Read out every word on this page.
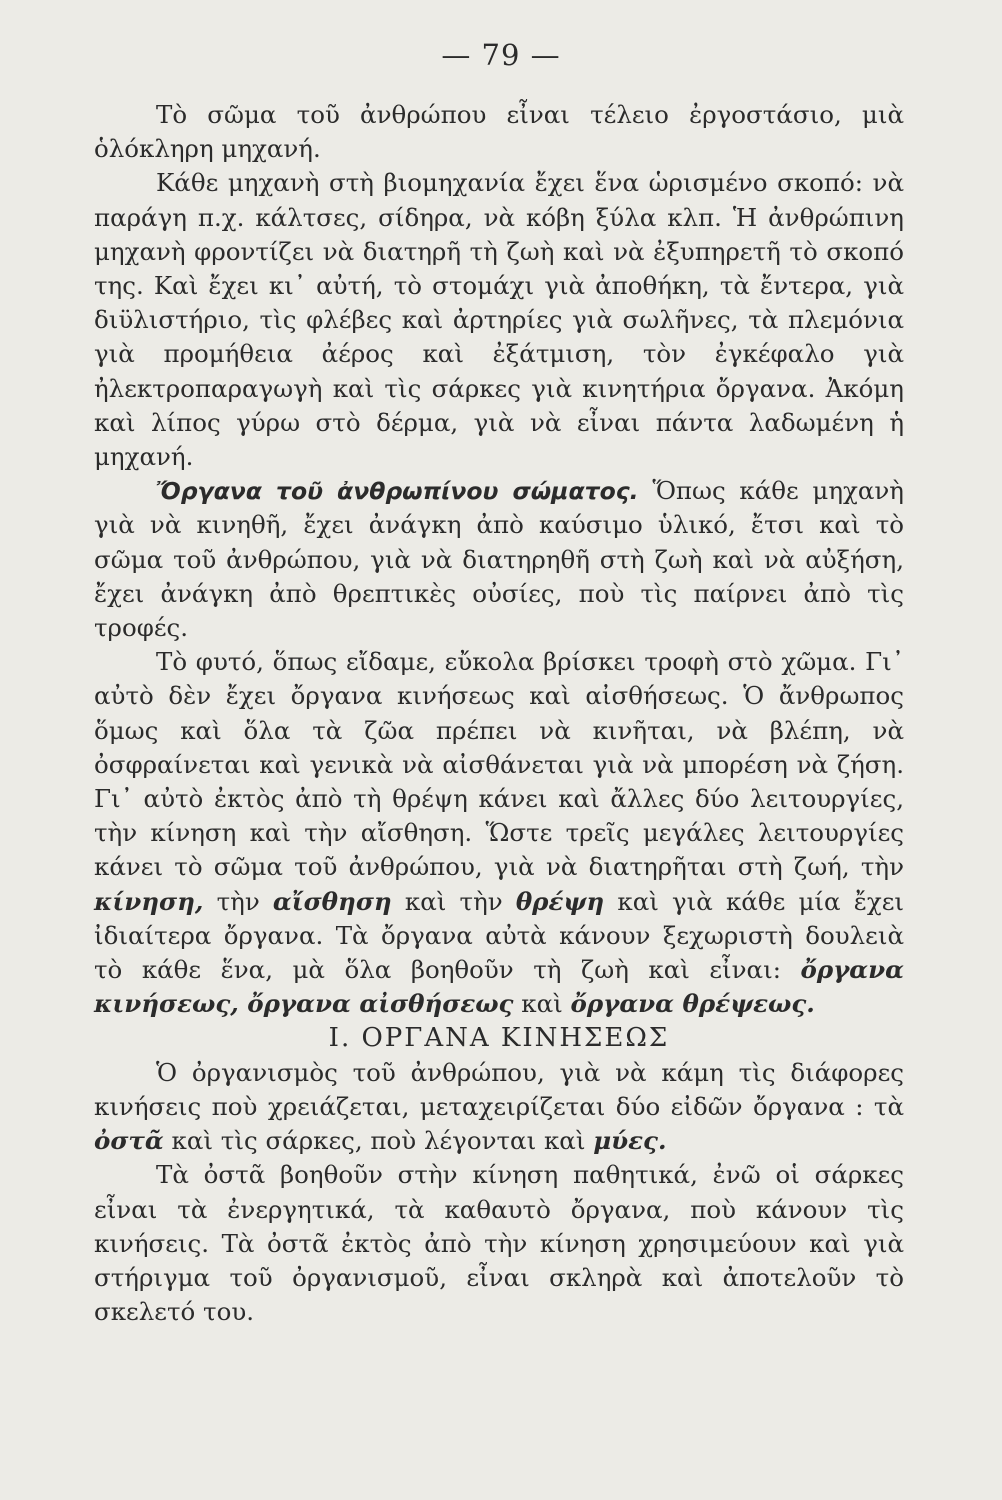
— 79 —

Τὸ σῶμα τοῦ ἀνθρώπου εἶναι τέλειο ἐργοστάσιο, μιὰ ὁλόκληρη μηχανή.

Κάθε μηχανὴ στὴ βιομηχανία ἔχει ἕνα ὡρισμένο σκοπό: νὰ παράγη π.χ. κάλτσες, σίδηρα, νὰ κόβη ξύλα κλπ. Ἡ ἀνθρώπινη μηχανὴ φροντίζει νὰ διατηρῆ τὴ ζωὴ καὶ νὰ ἐξυπηρετῆ τὸ σκοπό της. Καὶ ἔχει κι᾿ αὐτή, τὸ στομάχι γιὰ ἀποθήκη, τὰ ἔντερα, γιὰ διϋλιστήριο, τὶς φλέβες καὶ ἀρτηρίες γιὰ σωλῆνες, τὰ πλεμόνια γιὰ προμήθεια ἀέρος καὶ ἐξάτμιση, τὸν ἐγκέφαλο γιὰ ἠλεκτροπαραγωγὴ καὶ τὶς σάρκες γιὰ κινητήρια ὄργανα. Ἀκόμη καὶ λίπος γύρω στὸ δέρμα, γιὰ νὰ εἶναι πάντα λαδωμένη ἡ μηχανή.

Ὄργανα τοῦ ἀνθρωπίνου σώματος. Ὅπως κάθε μηχανὴ γιὰ νὰ κινηθῆ, ἔχει ἀνάγκη ἀπὸ καύσιμο ὑλικό, ἔτσι καὶ τὸ σῶμα τοῦ ἀνθρώπου, γιὰ νὰ διατηρηθῆ στὴ ζωὴ καὶ νὰ αὐξήση, ἔχει ἀνάγκη ἀπὸ θρεπτικὲς οὐσίες, ποὺ τὶς παίρνει ἀπὸ τὶς τροφές.

Τὸ φυτό, ὅπως εἴδαμε, εὔκολα βρίσκει τροφὴ στὸ χῶμα. Γι᾿ αὐτὸ δὲν ἔχει ὄργανα κινήσεως καὶ αἰσθήσεως. Ὁ ἄνθρωπος ὅμως καὶ ὅλα τὰ ζῶα πρέπει νὰ κινῆται, νὰ βλέπη, νὰ ὀσφραίνεται καὶ γενικὰ νὰ αἰσθάνεται γιὰ νὰ μπορέση νὰ ζήση. Γι᾿ αὐτὸ ἐκτὸς ἀπὸ τὴ θρέψη κάνει καὶ ἄλλες δύο λειτουργίες, τὴν κίνηση καὶ τὴν αἴσθηση. Ὥστε τρεῖς μεγάλες λειτουργίες κάνει τὸ σῶμα τοῦ ἀνθρώπου, γιὰ νὰ διατηρῆται στὴ ζωή, τὴν κίνηση, τὴν αἴσθηση καὶ τὴν θρέψη καὶ γιὰ κάθε μία ἔχει ἰδιαίτερα ὄργανα. Τὰ ὄργανα αὐτὰ κάνουν ξεχωριστὴ δουλειὰ τὸ κάθε ἕνα, μὰ ὅλα βοηθοῦν τὴ ζωὴ καὶ εἶναι: ὄργανα κινήσεως, ὄργανα αἰσθήσεως καὶ ὄργανα θρέψεως.

Ι. ΟΡΓΑΝΑ ΚΙΝΗΣΕΩΣ

Ὁ ὀργανισμὸς τοῦ ἀνθρώπου, γιὰ νὰ κάμη τὶς διάφορες κινήσεις ποὺ χρειάζεται, μεταχειρίζεται δύο εἰδῶν ὄργανα : τὰ ὀστᾶ καὶ τὶς σάρκες, ποὺ λέγονται καὶ μύες.

Τὰ ὀστᾶ βοηθοῦν στὴν κίνηση παθητικά, ἐνῶ οἱ σάρκες εἶναι τὰ ἐνεργητικά, τὰ καθαυτὸ ὄργανα, ποὺ κάνουν τὶς κινήσεις. Τὰ ὀστᾶ ἐκτὸς ἀπὸ τὴν κίνηση χρησιμεύουν καὶ γιὰ στήριγμα τοῦ ὀργανισμοῦ, εἶναι σκληρὰ καὶ ἀποτελοῦν τὸ σκελετό του.
